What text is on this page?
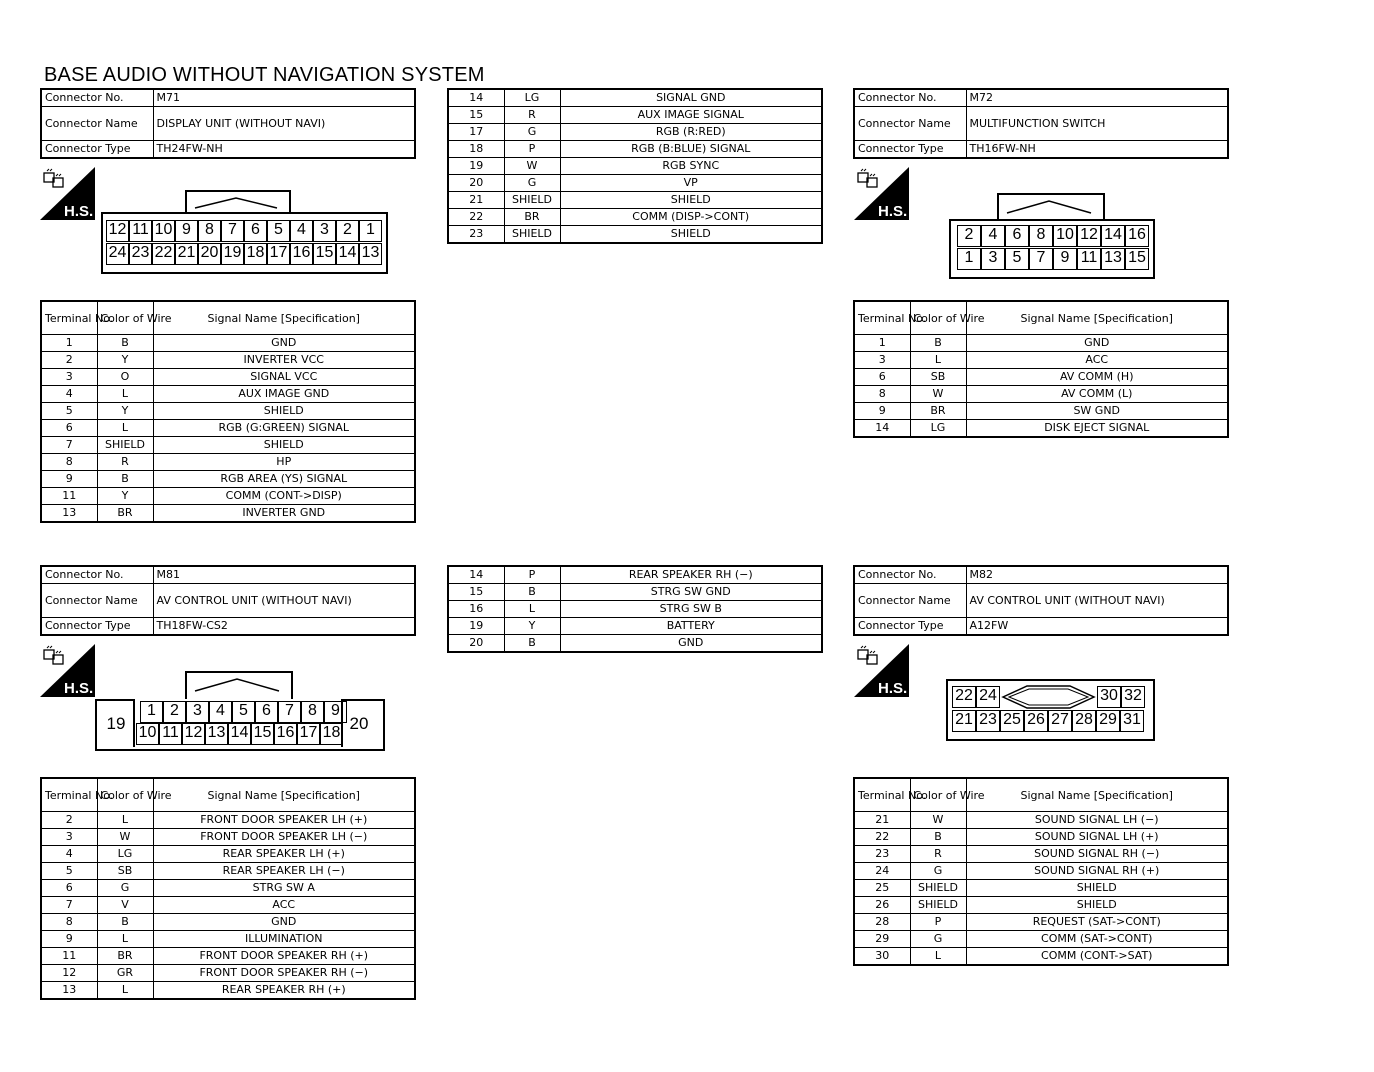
BASE AUDIO WITHOUT NAVIGATION SYSTEM
Connector No.	M71
Connector Name	DISPLAY UNIT (WITHOUT NAVI)
Connector Type	TH24FW-NH
H.S.
12 11 10 9 8 7 6 5 4 3 2 1
24 23 22 21 20 19 18 17 16 15 14 13
Terminal No.	Color of Wire	Signal Name [Specification]
1	B	GND
2	Y	INVERTER VCC
3	O	SIGNAL VCC
4	L	AUX IMAGE GND
5	Y	SHIELD
6	L	RGB (G:GREEN) SIGNAL
7	SHIELD	SHIELD
8	R	HP
9	B	RGB AREA (YS) SIGNAL
11	Y	COMM (CONT->DISP)
13	BR	INVERTER GND
14	LG	SIGNAL GND
15	R	AUX IMAGE SIGNAL
17	G	RGB (R:RED)
18	P	RGB (B:BLUE) SIGNAL
19	W	RGB SYNC
20	G	VP
21	SHIELD	SHIELD
22	BR	COMM (DISP->CONT)
23	SHIELD	SHIELD
Connector No.	M72
Connector Name	MULTIFUNCTION SWITCH
Connector Type	TH16FW-NH
H.S.
2 4 6 8 10 12 14 16
1 3 5 7 9 11 13 15
Terminal No.	Color of Wire	Signal Name [Specification]
1	B	GND
3	L	ACC
6	SB	AV COMM (H)
8	W	AV COMM (L)
9	BR	SW GND
14	LG	DISK EJECT SIGNAL
Connector No.	M81
Connector Name	AV CONTROL UNIT (WITHOUT NAVI)
Connector Type	TH18FW-CS2
H.S.
19	20
1 2 3 4 5 6 7 8 9
10 11 12 13 14 15 16 17 18
Terminal No.	Color of Wire	Signal Name [Specification]
2	L	FRONT DOOR SPEAKER LH (+)
3	W	FRONT DOOR SPEAKER LH (−)
4	LG	REAR SPEAKER LH (+)
5	SB	REAR SPEAKER LH (−)
6	G	STRG SW A
7	V	ACC
8	B	GND
9	L	ILLUMINATION
11	BR	FRONT DOOR SPEAKER RH (+)
12	GR	FRONT DOOR SPEAKER RH (−)
13	L	REAR SPEAKER RH (+)
14	P	REAR SPEAKER RH (−)
15	B	STRG SW GND
16	L	STRG SW B
19	Y	BATTERY
20	B	GND
Connector No.	M82
Connector Name	AV CONTROL UNIT (WITHOUT NAVI)
Connector Type	A12FW
H.S.	22 24	30 32
21 23 25 26 27 28 29 31
Terminal No.	Color of Wire	Signal Name [Specification]
21	W	SOUND SIGNAL LH (−)
22	B	SOUND SIGNAL LH (+)
23	R	SOUND SIGNAL RH (−)
24	G	SOUND SIGNAL RH (+)
25	SHIELD	SHIELD
26	SHIELD	SHIELD
28	P	REQUEST (SAT->CONT)
29	G	COMM (SAT->CONT)
30	L	COMM (CONT->SAT)
